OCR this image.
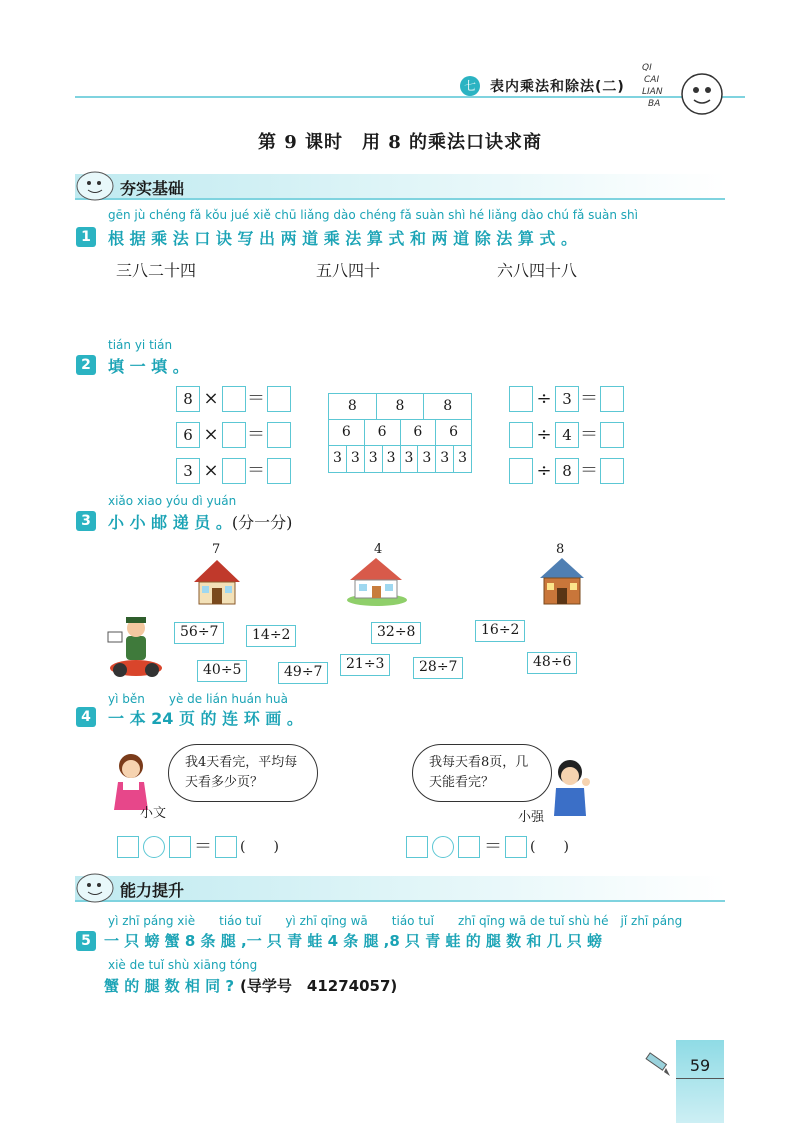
七 表内乘法和除法(二)
QI
CAI
LIAN
BA
第 9 课时　用 8 的乘法口诀求商
夯实基础
gēn jù chéng fǎ kǒu jué xiě chū liǎng dào chéng fǎ suàn shì hé liǎng dào chú fǎ suàn shì
1	根 据 乘 法 口 诀 写 出 两 道 乘 法 算 式 和 两 道 除 法 算 式 。
三八二十四	五八四十	六八四十八
tián yi tián
2	填 一 填 。
8 × ＝
6 × ＝
3 × ＝
8	8	8
6	6	6	6
3 3 3 3 3 3 3 3
÷ 3 ＝
÷ 4 ＝
÷ 8 ＝
xiǎo xiao yóu dì yuán
3	小 小 邮 递 员 。(分一分)
7	4	8
56÷7	14÷2	32÷8	16÷2
40÷5	49÷7	21÷3	28÷7	48÷6
yì běn　　yè de lián huán huà
4	一 本 24 页 的 连 环 画 。
我4天看完，平均每天看多少页？
小文
我每天看8页，几天能看完？
小强
＝ (　　)	＝ (　　)
能力提升
yì zhī páng xiè　　tiáo tuǐ　　yì zhī qīng wā　　tiáo tuǐ　　zhī qīng wā de tuǐ shù hé　jǐ zhī páng
5 一 只 螃 蟹 8 条 腿 ,一 只 青 蛙 4 条 腿 ,8 只 青 蛙 的 腿 数 和 几 只 螃
xiè de tuǐ shù xiāng tóng
蟹 的 腿 数 相 同 ? (导学号　41274057)
59
